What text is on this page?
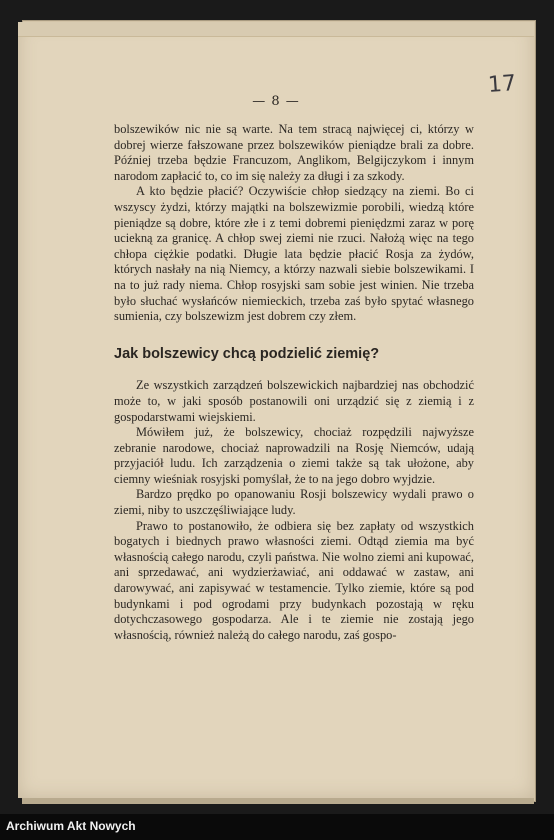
17
— 8 —

bolszewików nic nie są warte. Na tem stracą najwięcej ci, którzy w dobrej wierze fałszowane przez bolszewików pieniądze brali za dobre. Później trzeba będzie Francuzom, Anglikom, Belgijczykom i innym narodom zapłacić to, co im się należy za długi i za szkody.

A kto będzie płacić? Oczywiście chłop siedzący na ziemi. Bo ci wszyscy żydzi, którzy majątki na bolszewizmie porobili, wiedzą które pieniądze są dobre, które złe i z temi dobremi pieniędzmi zaraz w porę uciekną za granicę. A chłop swej ziemi nie rzuci. Nałożą więc na tego chłopa ciężkie podatki. Długie lata będzie płacić Rosja za żydów, których nasłały na nią Niemcy, a którzy nazwali siebie bolszewikami. I na to już rady niema. Chłop rosyjski sam sobie jest winien. Nie trzeba było słuchać wysłańców niemieckich, trzeba zaś było spytać własnego sumienia, czy bolszewizm jest dobrem czy złem.

Jak bolszewicy chcą podzielić ziemię?

Ze wszystkich zarządzeń bolszewickich najbardziej nas obchodzić może to, w jaki sposób postanowili oni urządzić się z ziemią i z gospodarstwami wiejskiemi.

Mówiłem już, że bolszewicy, chociaż rozpędzili najwyższe zebranie narodowe, chociaż naprowadzili na Rosję Niemców, udają przyjaciół ludu. Ich zarządzenia o ziemi także są tak ułożone, aby ciemny wieśniak rosyjski pomyślał, że to na jego dobro wyjdzie.

Bardzo prędko po opanowaniu Rosji bolszewicy wydali prawo o ziemi, niby to uszczęśliwiające ludy.

Prawo to postanowiło, że odbiera się bez zapłaty od wszystkich bogatych i biednych prawo własności ziemi. Odtąd ziemia ma być własnością całego narodu, czyli państwa. Nie wolno ziemi ani kupować, ani sprzedawać, ani wydzierżawiać, ani oddawać w zastaw, ani darowywać, ani zapisywać w testamencie. Tylko ziemie, które są pod budynkami i pod ogrodami przy budynkach pozostają w ręku dotychczasowego gospodarza. Ale i te ziemie nie zostają jego własnością, również należą do całego narodu, zaś gospo-

Archiwum Akt Nowych
